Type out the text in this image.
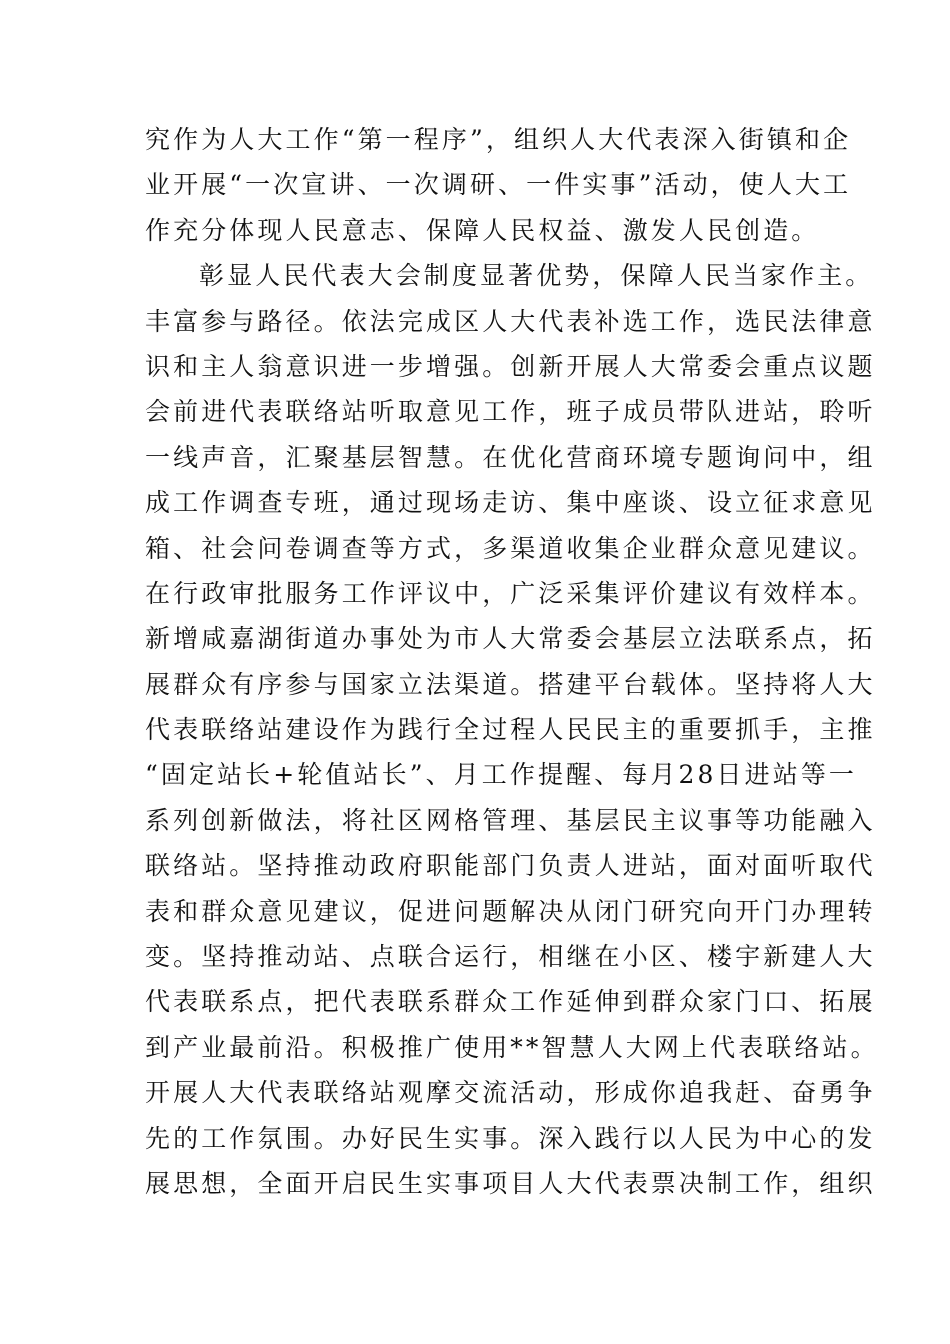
究作为人大工作“第一程序”，组织人大代表深入街镇和企
业开展“一次宣讲、一次调研、一件实事”活动，使人大工
作充分体现人民意志、保障人民权益、激发人民创造。
彰显人民代表大会制度显著优势，保障人民当家作主。
丰富参与路径。依法完成区人大代表补选工作，选民法律意
识和主人翁意识进一步增强。创新开展人大常委会重点议题
会前进代表联络站听取意见工作，班子成员带队进站，聆听
一线声音，汇聚基层智慧。在优化营商环境专题询问中，组
成工作调查专班，通过现场走访、集中座谈、设立征求意见
箱、社会问卷调查等方式，多渠道收集企业群众意见建议。
在行政审批服务工作评议中，广泛采集评价建议有效样本。
新增咸嘉湖街道办事处为市人大常委会基层立法联系点，拓
展群众有序参与国家立法渠道。搭建平台载体。坚持将人大
代表联络站建设作为践行全过程人民民主的重要抓手，主推
“固定站长+轮值站长”、月工作提醒、每月28日进站等一
系列创新做法，将社区网格管理、基层民主议事等功能融入
联络站。坚持推动政府职能部门负责人进站，面对面听取代
表和群众意见建议，促进问题解决从闭门研究向开门办理转
变。坚持推动站、点联合运行，相继在小区、楼宇新建人大
代表联系点，把代表联系群众工作延伸到群众家门口、拓展
到产业最前沿。积极推广使用**智慧人大网上代表联络站。
开展人大代表联络站观摩交流活动，形成你追我赶、奋勇争
先的工作氛围。办好民生实事。深入践行以人民为中心的发
展思想，全面开启民生实事项目人大代表票决制工作，组织
